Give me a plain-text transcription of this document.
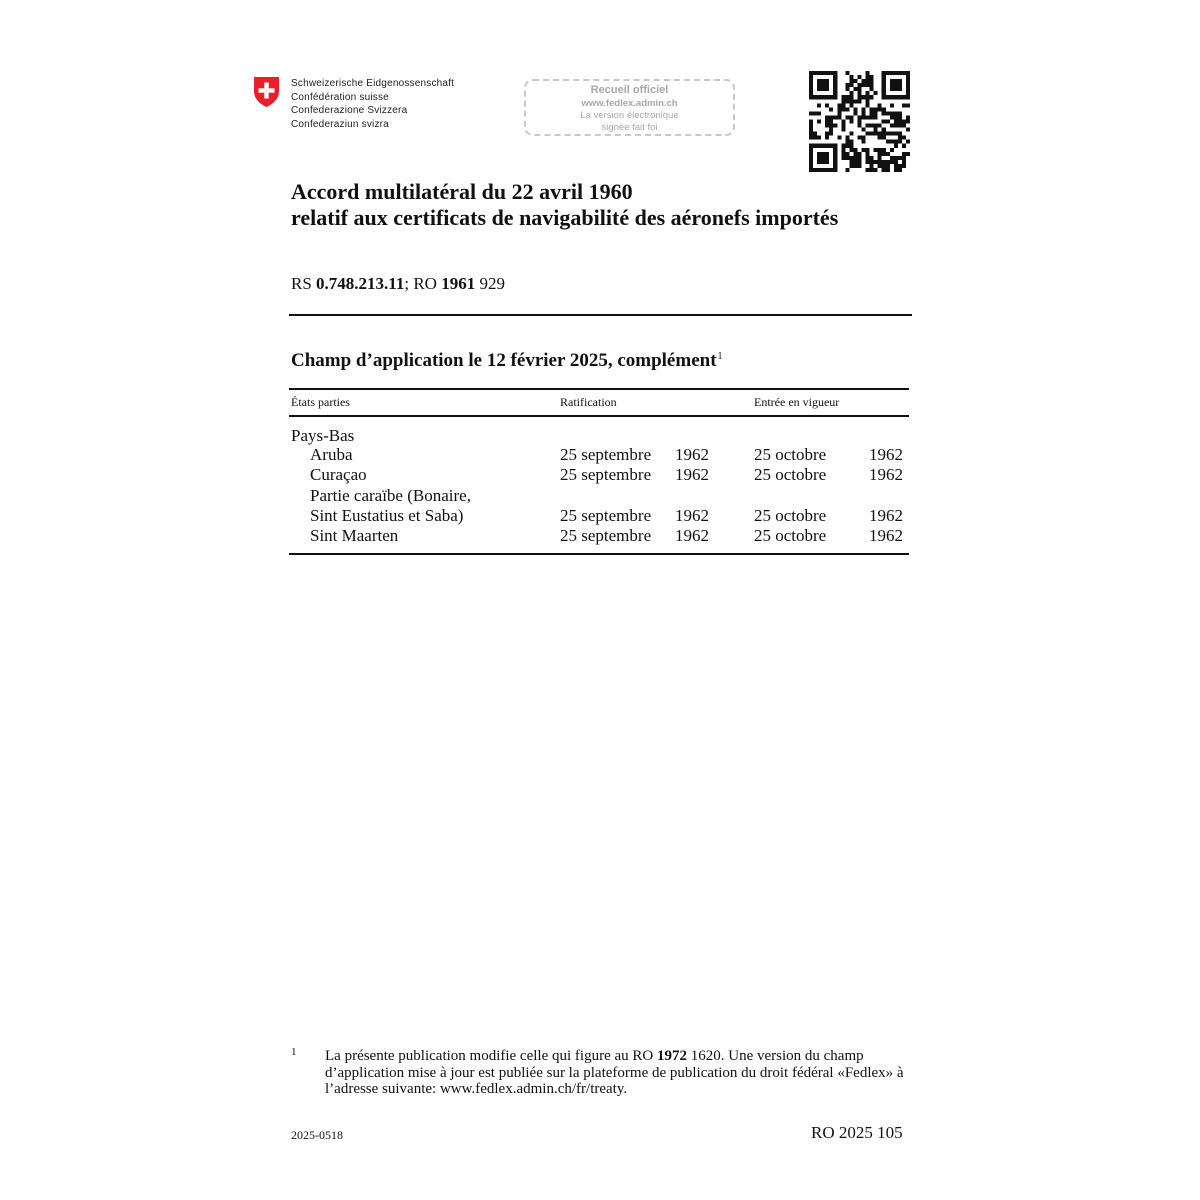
Schweizerische Eidgenossenschaft
Confédération suisse
Confederazione Svizzera
Confederaziun svizra
Recueil officiel
www.fedlex.admin.ch
La version électronique
signée fait foi
Accord multilatéral du 22 avril 1960
relatif aux certificats de navigabilité des aéronefs importés
RS 0.748.213.11; RO 1961 929
Champ d’application le 12 février 2025, complément$^1$
États parties	Ratification	Entrée en vigueur
Pays-Bas
Aruba	25 septembre 1962	25 octobre	1962
Curaçao	25 septembre 1962	25 octobre	1962
Partie caraïbe (Bonaire,
Sint Eustatius et Saba)	25 septembre 1962	25 octobre	1962
Sint Maarten	25 septembre 1962	25 octobre	1962
1 La présente publication modifie celle qui figure au RO 1972 1620. Une version du champ d’application mise à jour est publiée sur la plateforme de publication du droit fédéral «Fedlex» à l’adresse suivante: www.fedlex.admin.ch/fr/treaty.
2025-0518	RO 2025 105
